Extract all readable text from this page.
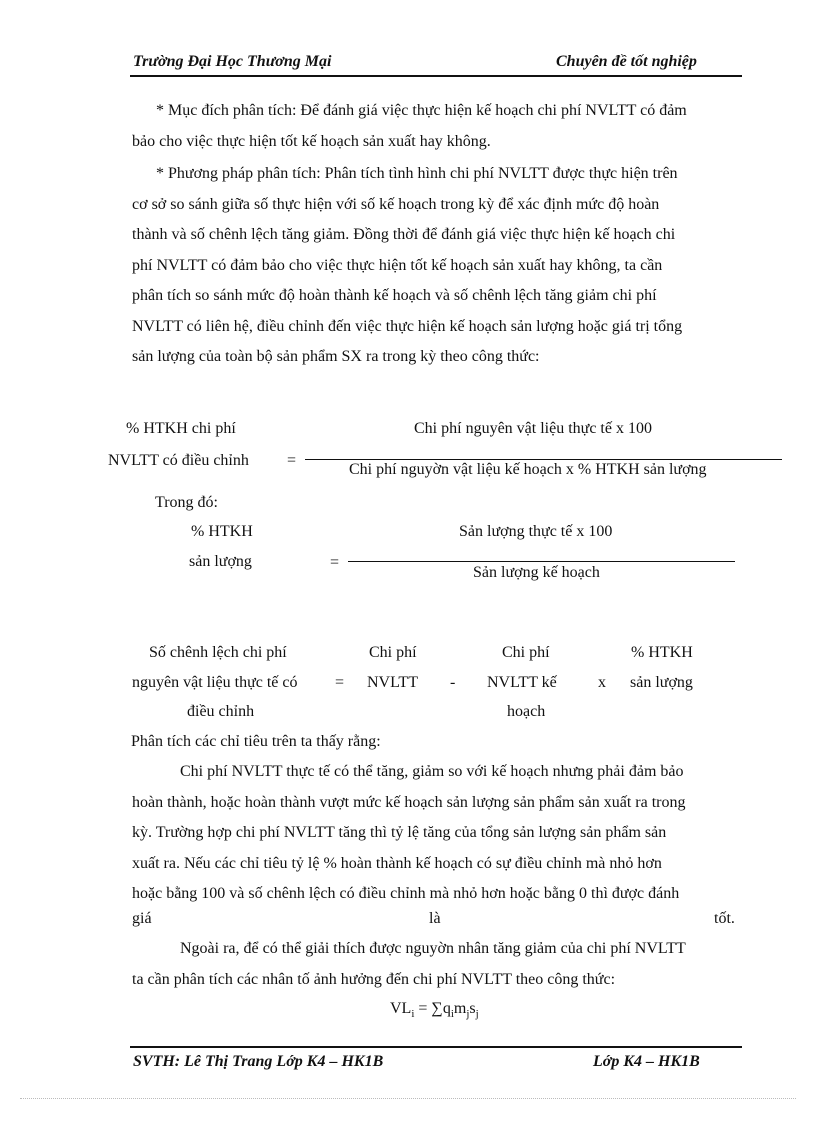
Trường Đại Học Thương Mại	Chuyên đề tốt nghiệp
* Mục đích phân tích: Để đánh giá việc thực hiện kế hoạch chi phí NVLTT có đảm
bảo cho việc thực hiện tốt kế hoạch sản xuất hay không.
* Phương pháp phân tích: Phân tích tình hình chi phí NVLTT được thực hiện trên
cơ sở so sánh giữa số thực hiện với số kế hoạch trong kỳ để xác định mức độ hoàn
thành và số chênh lệch tăng giảm. Đồng thời để đánh giá việc thực hiện kế hoạch chi
phí NVLTT có đảm bảo cho việc thực hiện tốt kế hoạch sản xuất hay không, ta cần
phân tích so sánh mức độ hoàn thành kế hoạch và số chênh lệch tăng giảm chi phí
NVLTT có liên hệ, điều chỉnh đến việc thực hiện kế hoạch sản lượng hoặc giá trị tổng
sản lượng của toàn bộ sản phẩm SX ra trong kỳ theo công thức:
% HTKH chi phí
NVLTT có điều chỉnh =
Chi phí nguyên vật liệu thực tế x 100
Chi phí nguyờn vật liệu kế hoạch x % HTKH sản lượng
Trong đó:
% HTKH
sản lượng	=
Sản lượng thực tế x 100
Sản lượng kế hoạch
Số chênh lệch chi phí
nguyên vật liệu thực tế có
điều chỉnh
=
Chi phí
NVLTT -
Chi phí
NVLTT kế
hoạch
x
% HTKH
sản lượng
Phân tích các chỉ tiêu trên ta thấy rằng:
Chi phí NVLTT thực tế có thể tăng, giảm so với kế hoạch nhưng phải đảm bảo
hoàn thành, hoặc hoàn thành vượt mức kế hoạch sản lượng sản phẩm sản xuất ra trong
kỳ. Trường hợp chi phí NVLTT tăng thì tỷ lệ tăng của tổng sản lượng sản phẩm sản
xuất ra. Nếu các chỉ tiêu tỷ lệ % hoàn thành kế hoạch có sự điều chỉnh mà nhỏ hơn
hoặc bằng 100 và số chênh lệch có điều chỉnh mà nhỏ hơn hoặc bằng 0 thì được đánh
giá	là	tốt.
Ngoài ra, để có thể giải thích được nguyờn nhân tăng giảm của chi phí NVLTT
ta cần phân tích các nhân tố ảnh hưởng đến chi phí NVLTT theo công thức:
$VL_i = \sum q_im_js_j$
SVTH: Lê Thị Trang Lớp K4 – HK1B	Lớp K4 – HK1B
